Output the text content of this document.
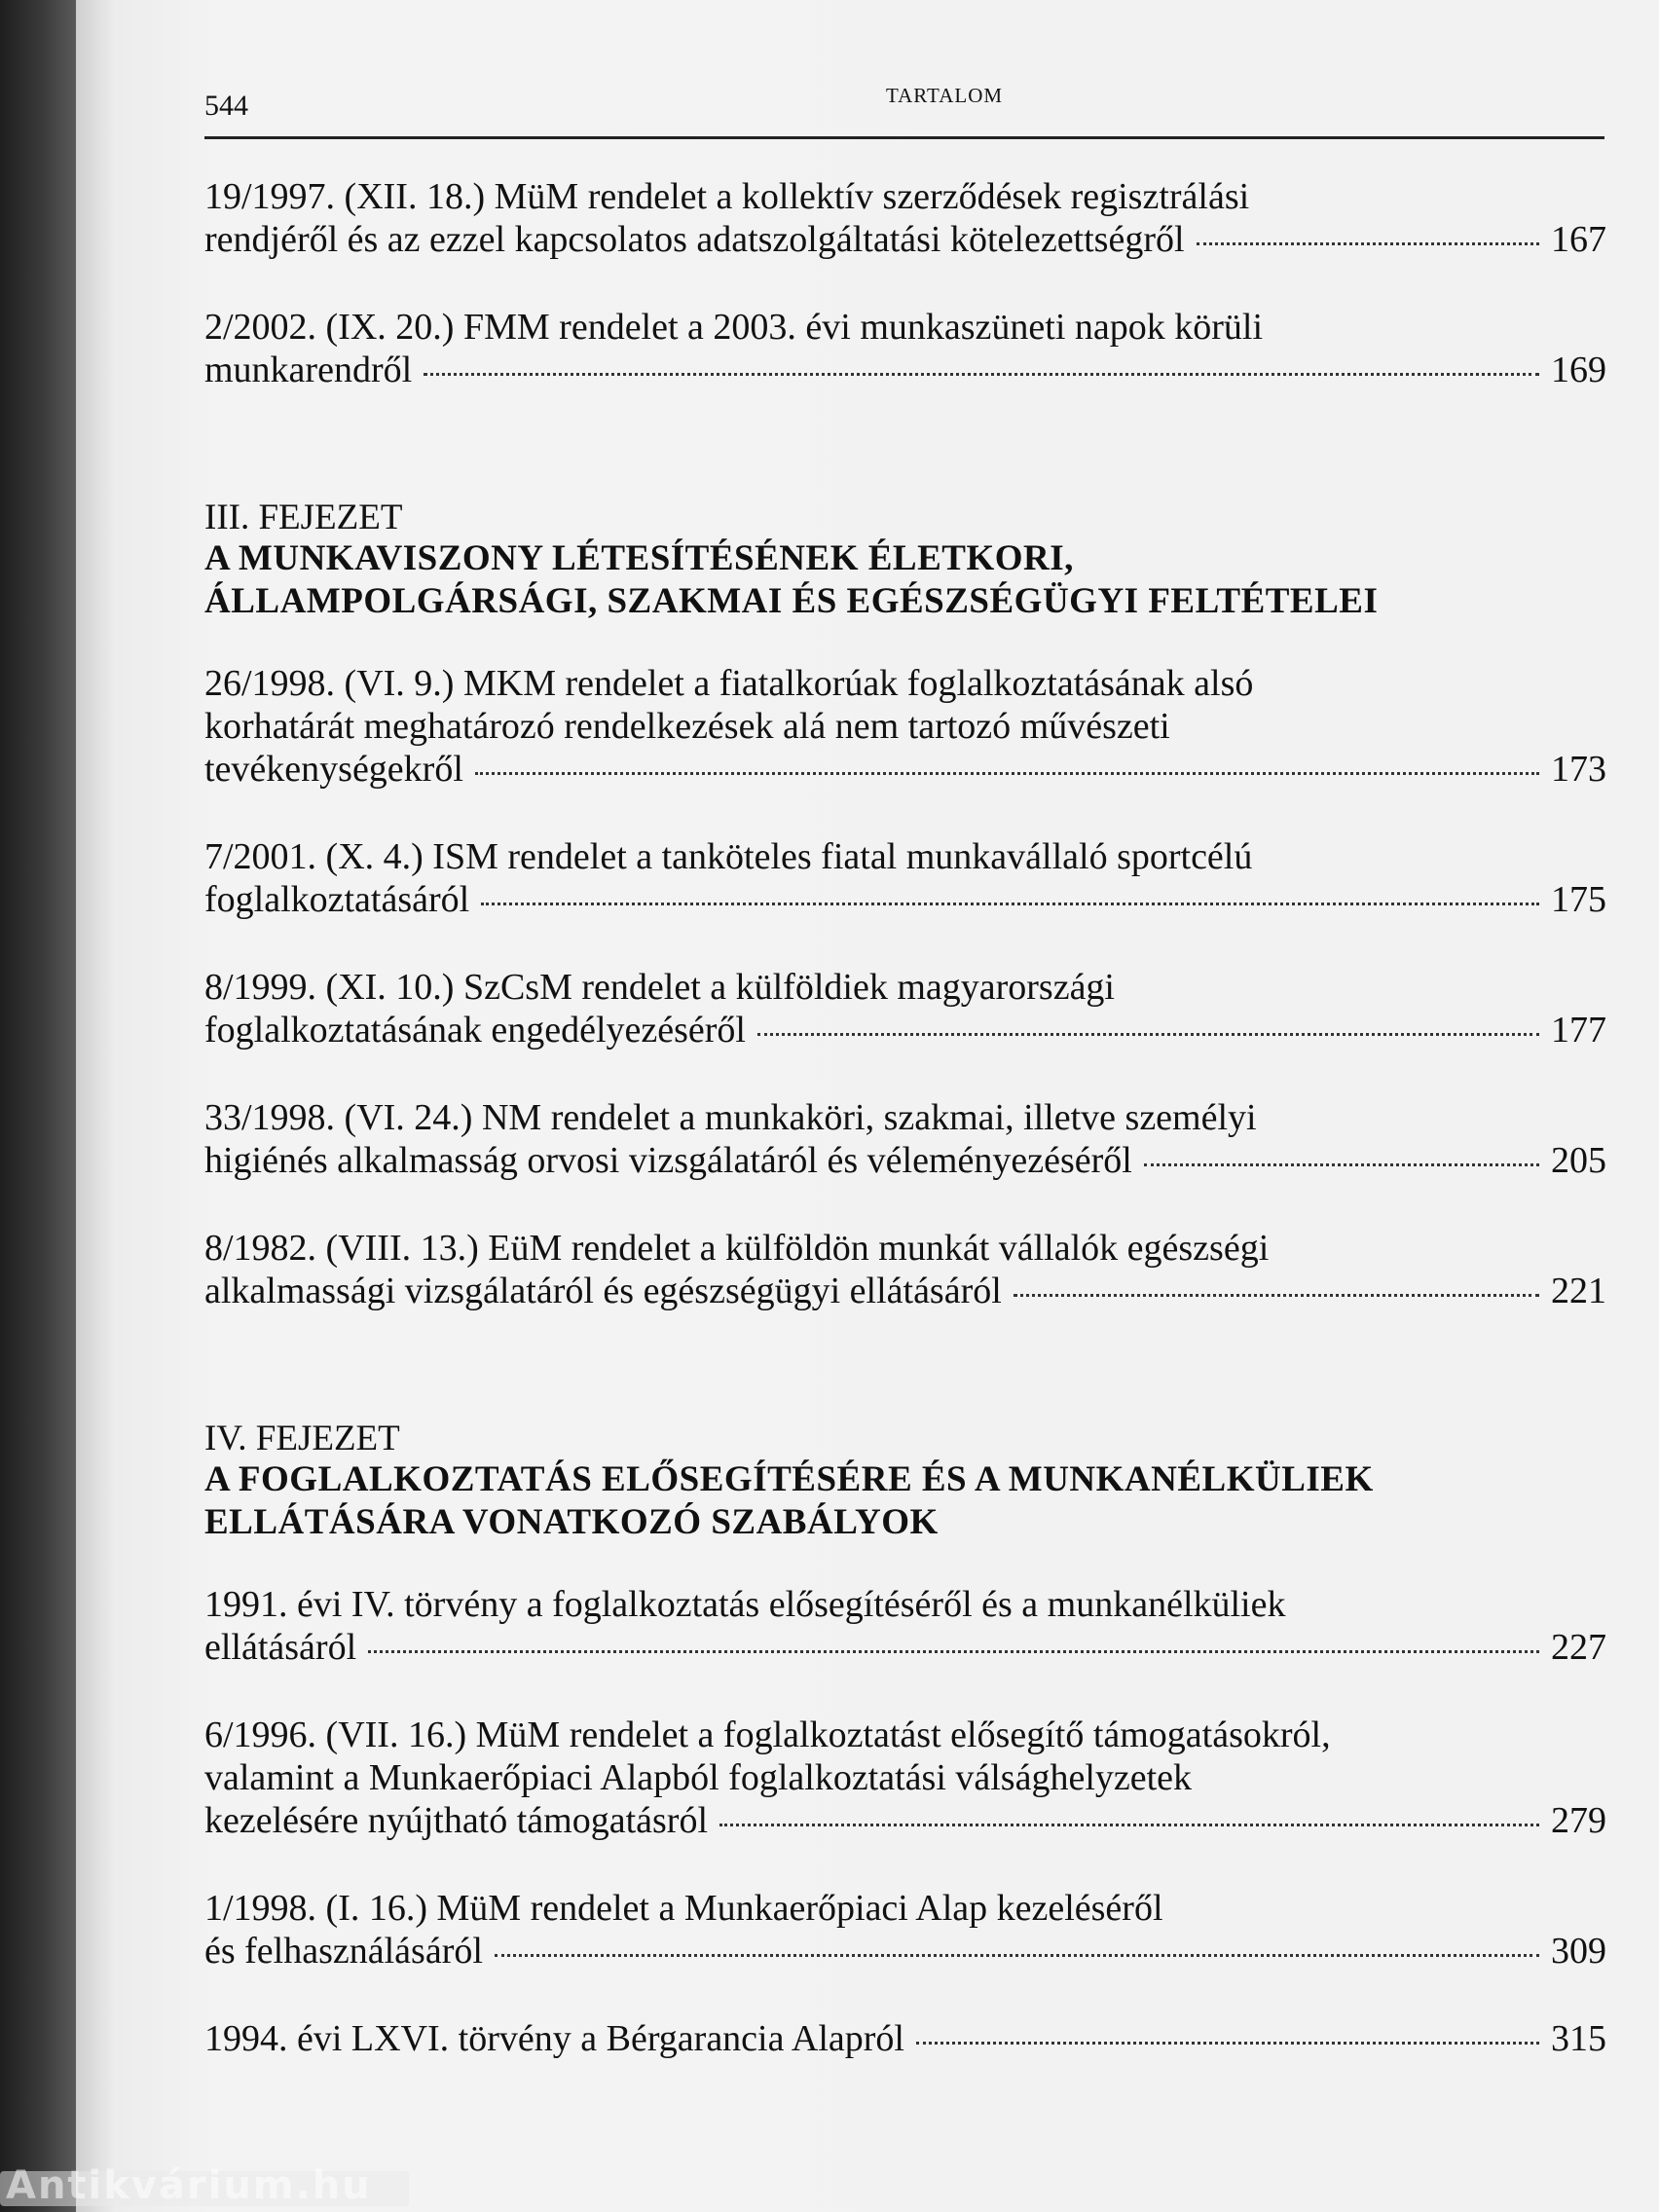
544	TARTALOM
19/1997. (XII. 18.) MüM rendelet a kollektív szerződések regisztrálási
rendjéről és az ezzel kapcsolatos adatszolgáltatási kötelezettségről	167
2/2002. (IX. 20.) FMM rendelet a 2003. évi munkaszüneti napok körüli
munkarendről	169
III. FEJEZET
A MUNKAVISZONY LÉTESÍTÉSÉNEK ÉLETKORI,
ÁLLAMPOLGÁRSÁGI, SZAKMAI ÉS EGÉSZSÉGÜGYI FELTÉTELEI
26/1998. (VI. 9.) MKM rendelet a fiatalkorúak foglalkoztatásának alsó
korhatárát meghatározó rendelkezések alá nem tartozó művészeti
tevékenységekről	173
7/2001. (X. 4.) ISM rendelet a tanköteles fiatal munkavállaló sportcélú
foglalkoztatásáról	175
8/1999. (XI. 10.) SzCsM rendelet a külföldiek magyarországi
foglalkoztatásának engedélyezéséről	177
33/1998. (VI. 24.) NM rendelet a munkaköri, szakmai, illetve személyi
higiénés alkalmasság orvosi vizsgálatáról és véleményezéséről	205
8/1982. (VIII. 13.) EüM rendelet a külföldön munkát vállalók egészségi
alkalmassági vizsgálatáról és egészségügyi ellátásáról	221
IV. FEJEZET
A FOGLALKOZTATÁS ELŐSEGÍTÉSÉRE ÉS A MUNKANÉLKÜLIEK
ELLÁTÁSÁRA VONATKOZÓ SZABÁLYOK
1991. évi IV. törvény a foglalkoztatás elősegítéséről és a munkanélküliek
ellátásáról	227
6/1996. (VII. 16.) MüM rendelet a foglalkoztatást elősegítő támogatásokról,
valamint a Munkaerőpiaci Alapból foglalkoztatási válsághelyzetek
kezelésére nyújtható támogatásról	279
1/1998. (I. 16.) MüM rendelet a Munkaerőpiaci Alap kezeléséről
és felhasználásáról	309
1994. évi LXVI. törvény a Bérgarancia Alapról	315
Antikvárium.hu
